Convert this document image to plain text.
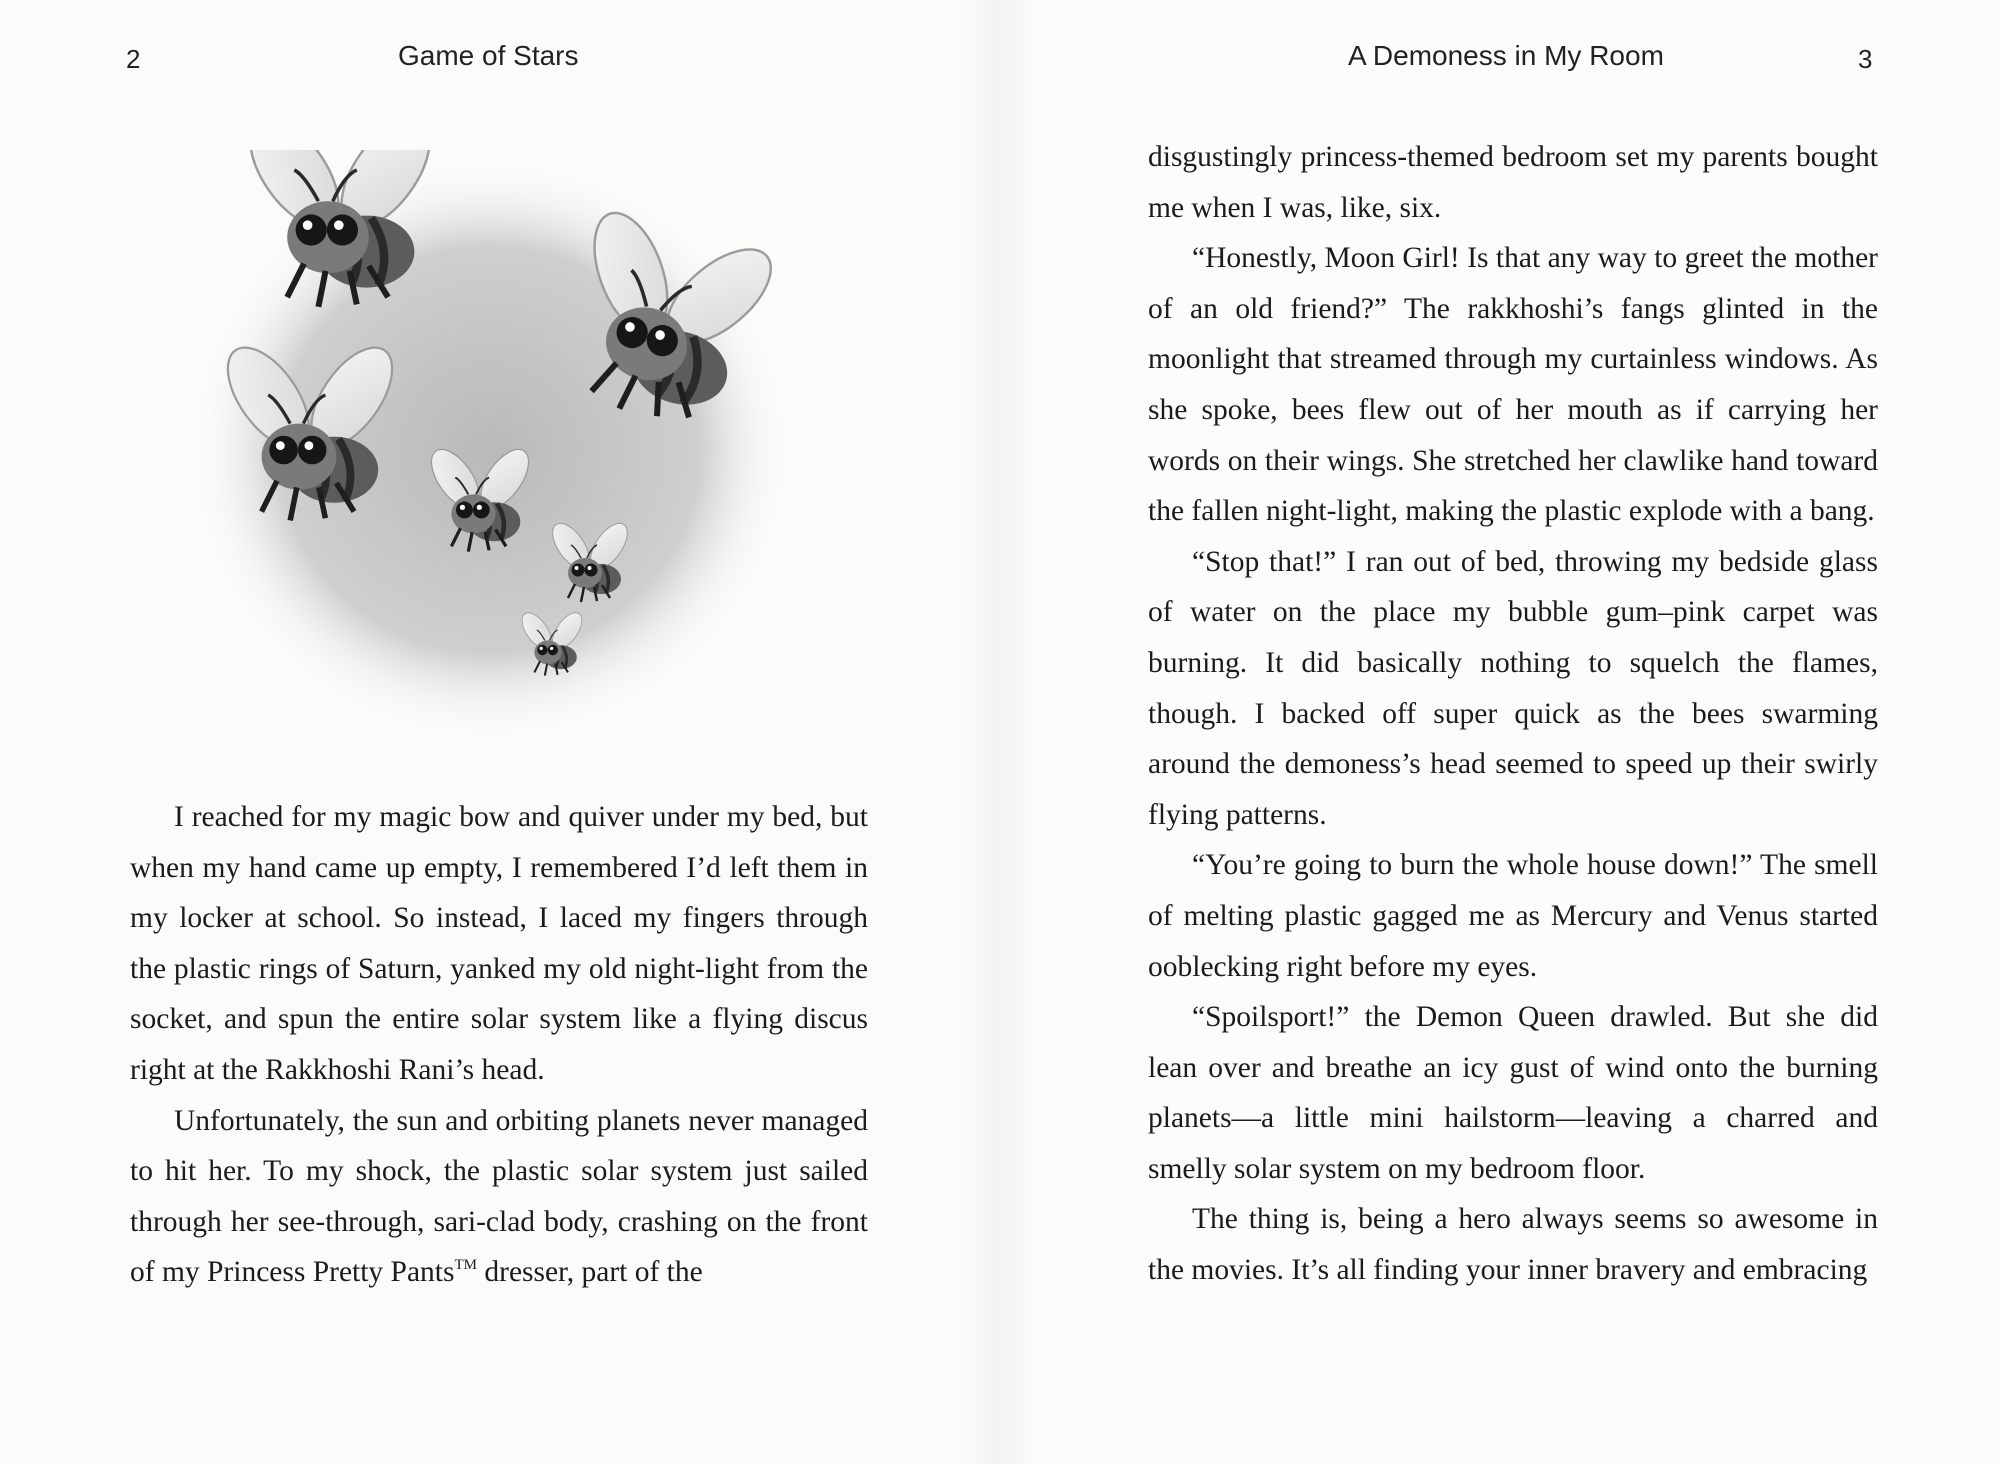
2	Game of Stars	A Demoness in My Room	3

I reached for my magic bow and quiver under my bed, but when my hand came up empty, I remembered I’d left them in my locker at school. So instead, I laced my fingers through the plastic rings of Saturn, yanked my old night-light from the socket, and spun the entire solar system like a flying discus right at the Rakkhoshi Rani’s head.

Unfortunately, the sun and orbiting planets never managed to hit her. To my shock, the plastic solar system just sailed through her see-through, sari-clad body, crashing on the front of my Princess Pretty Pants™ dresser, part of the

disgustingly princess-themed bedroom set my parents bought me when I was, like, six.

“Honestly, Moon Girl! Is that any way to greet the mother of an old friend?” The rakkhoshi’s fangs glinted in the moonlight that streamed through my curtainless windows. As she spoke, bees flew out of her mouth as if carrying her words on their wings. She stretched her clawlike hand toward the fallen night-light, making the plastic explode with a bang.

“Stop that!” I ran out of bed, throwing my bedside glass of water on the place my bubble gum–pink carpet was burning. It did basically nothing to squelch the flames, though. I backed off super quick as the bees swarming around the demoness’s head seemed to speed up their swirly flying patterns.

“You’re going to burn the whole house down!” The smell of melting plastic gagged me as Mercury and Venus started ooblecking right before my eyes.

“Spoilsport!” the Demon Queen drawled. But she did lean over and breathe an icy gust of wind onto the burning planets—a little mini hailstorm—leaving a charred and smelly solar system on my bedroom floor.

The thing is, being a hero always seems so awesome in the movies. It’s all finding your inner bravery and embracing
